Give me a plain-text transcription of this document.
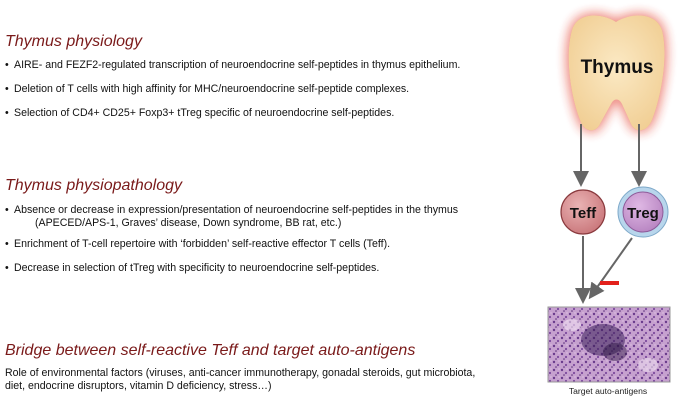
Thymus physiology
• AIRE- and FEZF2-regulated transcription of neuroendocrine self-peptides in thymus epithelium.
• Deletion of T cells with high affinity for MHC/neuroendocrine self-peptide complexes.
• Selection of CD4+ CD25+ Foxp3+ tTreg specific of neuroendocrine self-peptides.
Thymus physiopathology
• Absence or decrease in expression/presentation of neuroendocrine self-peptides in the thymus
(APECED/APS-1, Graves’ disease, Down syndrome, BB rat, etc.)
• Enrichment of T-cell repertoire with ‘forbidden’ self-reactive effector T cells (Teff).
• Decrease in selection of tTreg with specificity to neuroendocrine self-peptides.
Bridge between self-reactive Teff and target auto-antigens

Role of environmental factors (viruses, anti-cancer immunotherapy, gonadal steroids, gut microbiota,
diet, endocrine disruptors, vitamin D deficiency, stress…)

Thymus
Teff Treg
Target auto-antigens
